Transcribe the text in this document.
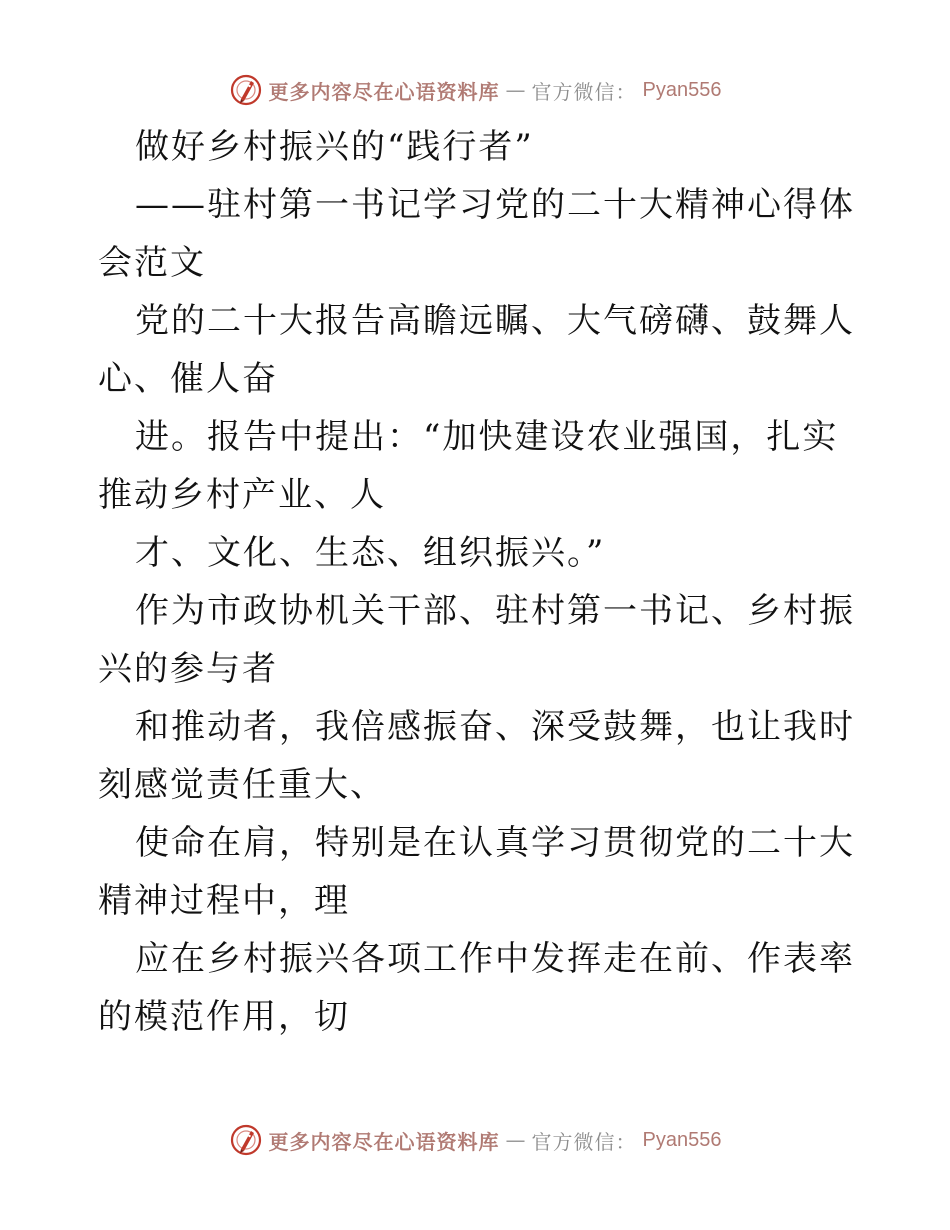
更多内容尽在心语资料库 — 官方微信： Pyan556

做好乡村振兴的“践行者”

——驻村第一书记学习党的二十大精神心得体会范文

党的二十大报告高瞻远瞩、大气磅礴、鼓舞人心、催人奋

进。报告中提出：“加快建设农业强国，扎实推动乡村产业、人

才、文化、生态、组织振兴。”

作为市政协机关干部、驻村第一书记、乡村振兴的参与者

和推动者，我倍感振奋、深受鼓舞，也让我时刻感觉责任重大、

使命在肩，特别是在认真学习贯彻党的二十大精神过程中，理

应在乡村振兴各项工作中发挥走在前、作表率的模范作用，切

更多内容尽在心语资料库 — 官方微信： Pyan556
